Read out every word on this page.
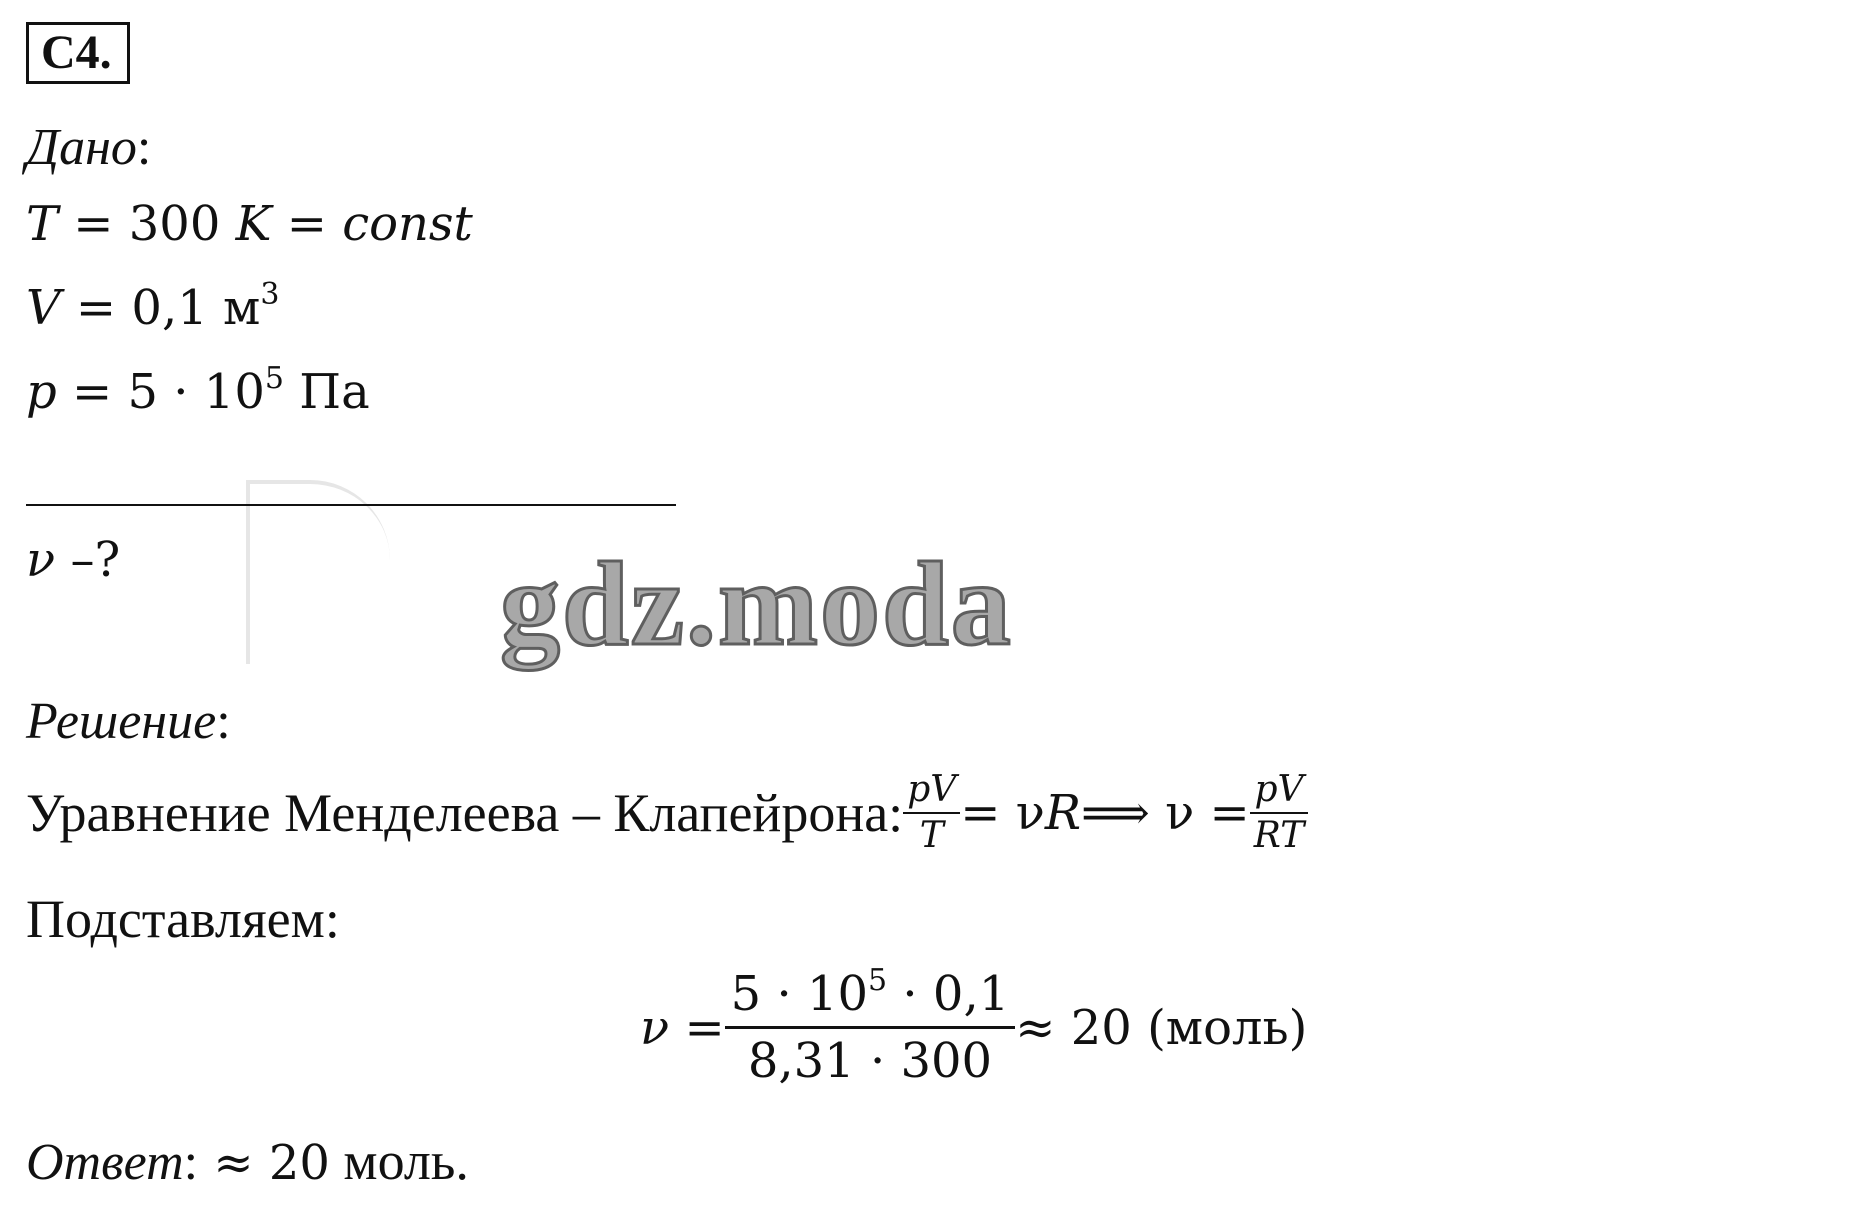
C4.
Дано:
T = 300 K = const
V = 0,1 $м^3$
$p = 5 \cdot 10^5$ Па
ν –?	gdz.moda
Решение:
Уравнение Менделеева – Клапейрона: $\frac{pV}{T} = \nu R$ ⟹ $\nu = \frac{pV}{RT}$
Подставляем:
$\nu = \frac{5 \cdot 10^5 \cdot 0,1}{8,31 \cdot 300} \approx 20$ (моль)
Ответ: ≈ 20 моль.
